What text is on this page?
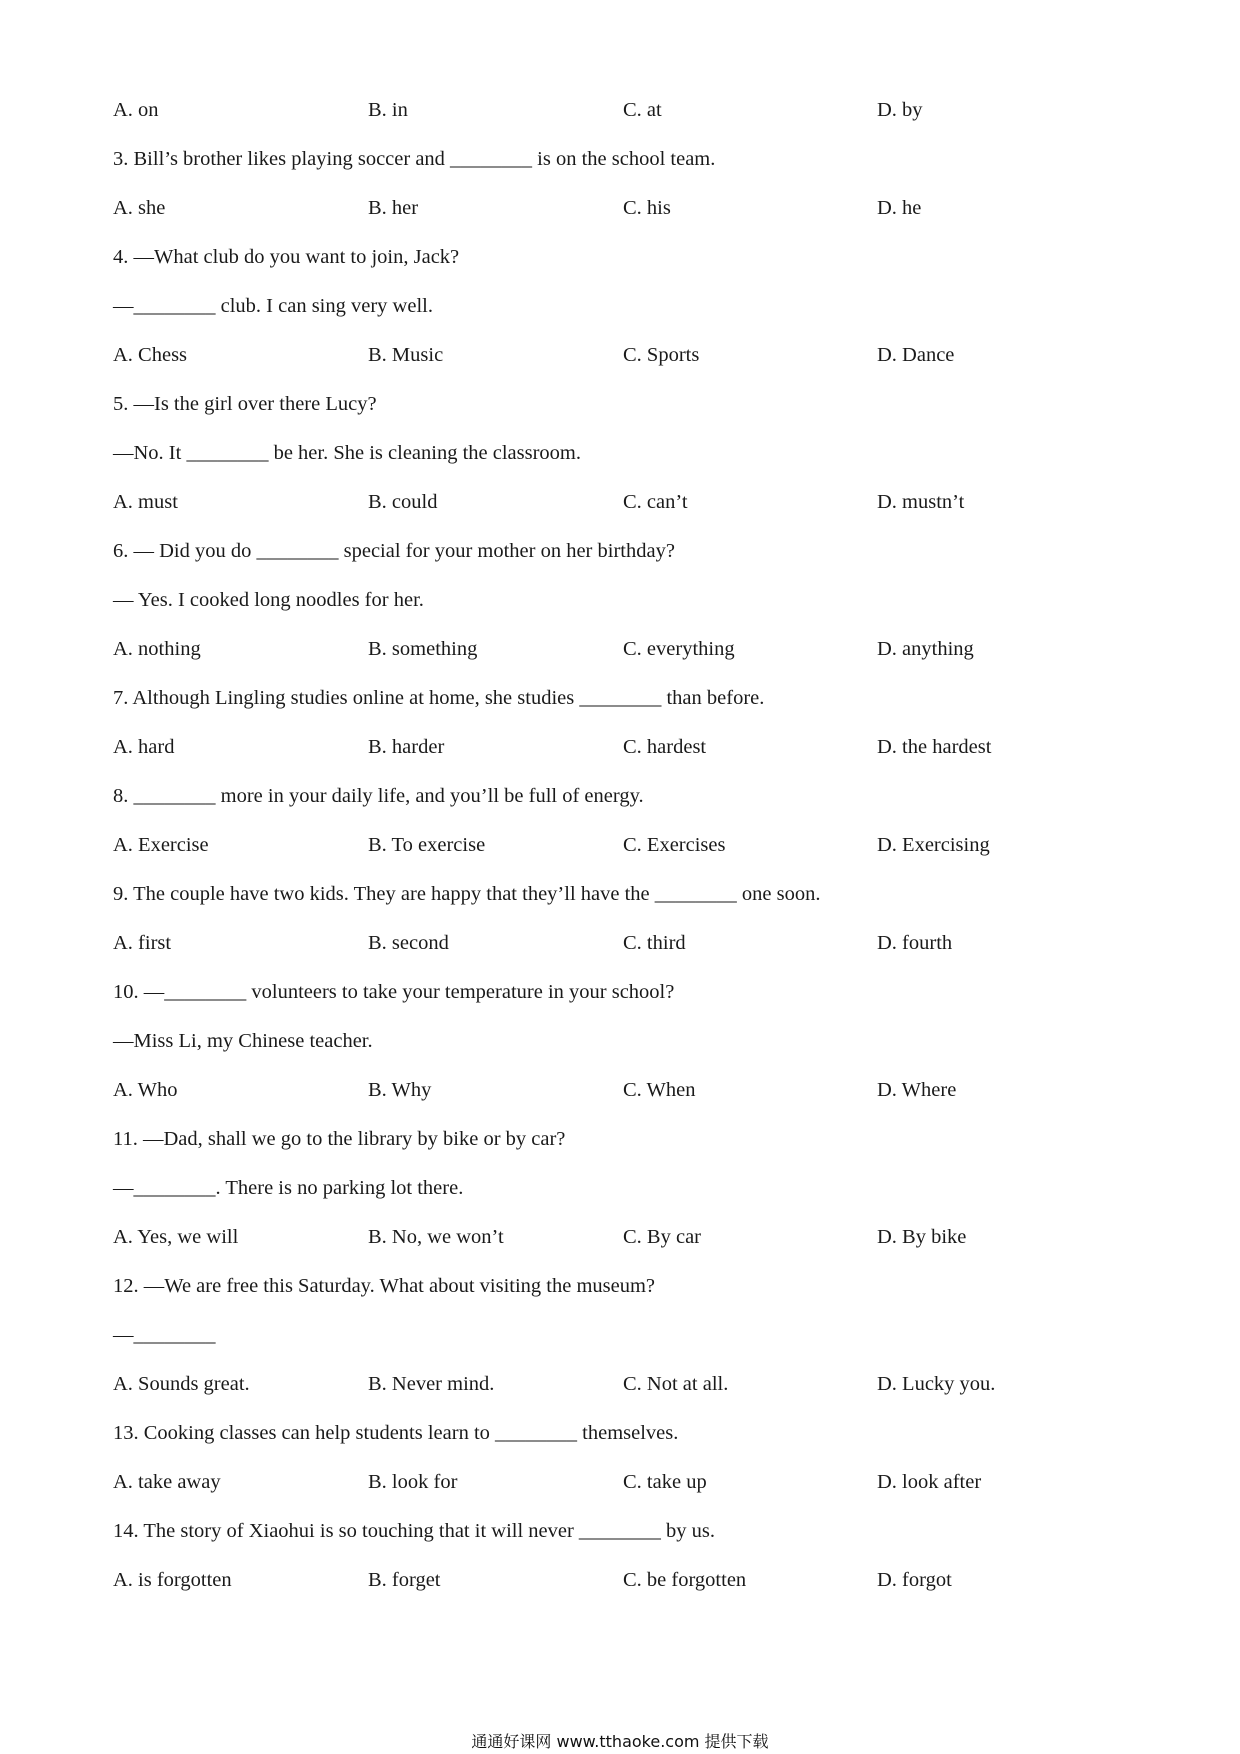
A. on	B. in	C. at	D. by
3. Bill’s brother likes playing soccer and ________ is on the school team.
A. she	B. her	C. his	D. he
4. —What club do you want to join, Jack?
—________ club. I can sing very well.
A. Chess	B. Music	C. Sports	D. Dance
5. —Is the girl over there Lucy?
—No. It ________ be her. She is cleaning the classroom.
A. must	B. could	C. can’t	D. mustn’t
6. — Did you do ________ special for your mother on her birthday?
— Yes. I cooked long noodles for her.
A. nothing	B. something	C. everything	D. anything
7. Although Lingling studies online at home, she studies ________ than before.
A. hard	B. harder	C. hardest	D. the hardest
8. ________ more in your daily life, and you’ll be full of energy.
A. Exercise	B. To exercise	C. Exercises	D. Exercising
9. The couple have two kids. They are happy that they’ll have the ________ one soon.
A. first	B. second	C. third	D. fourth
10. —________ volunteers to take your temperature in your school?
—Miss Li, my Chinese teacher.
A. Who	B. Why	C. When	D. Where
11. —Dad, shall we go to the library by bike or by car?
—________. There is no parking lot there.
A. Yes, we will	B. No, we won’t	C. By car	D. By bike
12. —We are free this Saturday. What about visiting the museum?
—________
A. Sounds great.	B. Never mind.	C. Not at all.	D. Lucky you.
13. Cooking classes can help students learn to ________ themselves.
A. take away	B. look for	C. take up	D. look after
14. The story of Xiaohui is so touching that it will never ________ by us.
A. is forgotten	B. forget	C. be forgotten	D. forgot
通通好课网 www.tthaoke.com 提供下载
